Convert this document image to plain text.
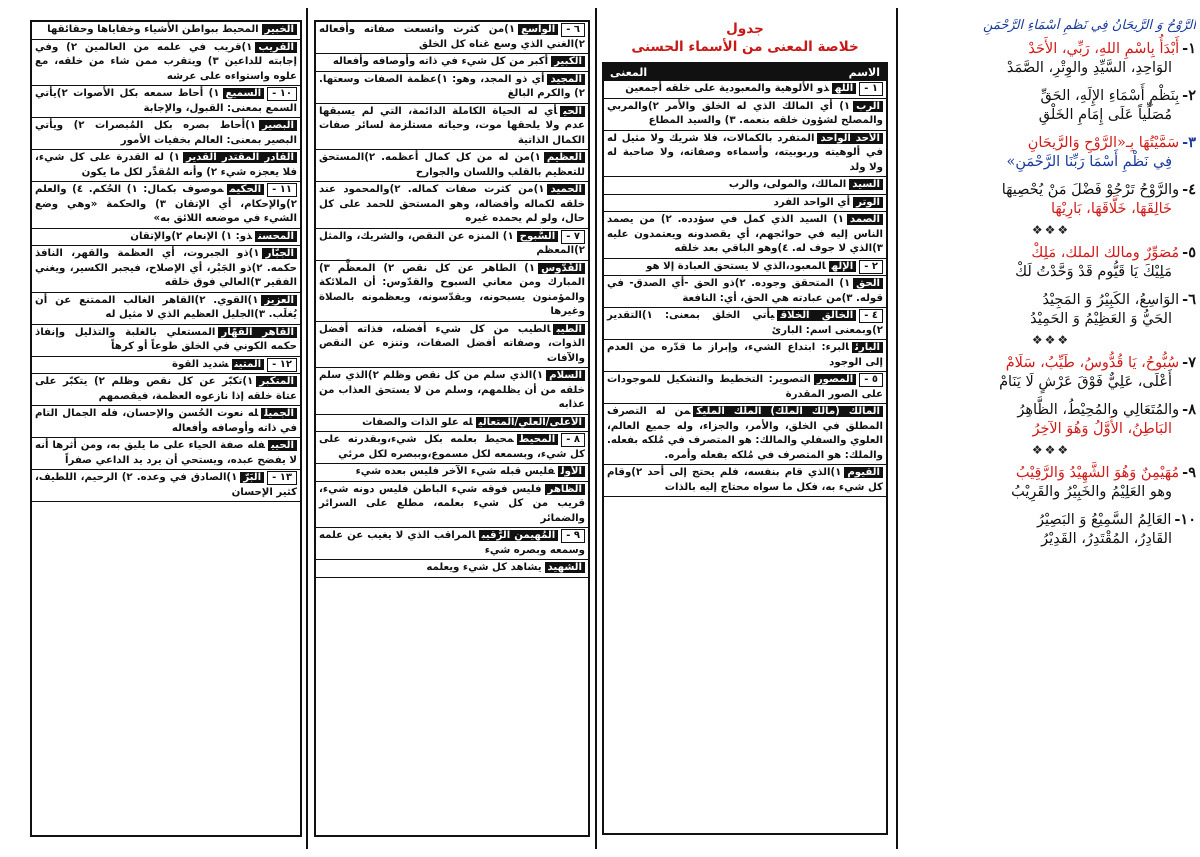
الرَّوْحُ وَ الرَّيحَانُ فِي نَظْمِ أَسْمَاءِ الرَّحْمَنِ
١-أَبْدَأُ بِاسْمِ اللهِ، رَبِّي، الأَحَدْ
الوَاحِدِ، السَّيِّدِ والوِتْرِ، الصَّمَدْ
٢-بِنَظْمِ أَسْمَاءِ الإِلَهِ، الحَقِّ
مُصَلِّياً عَلَى إِمَامِ الخَلْقِ
٣-سَمَّيْتُهَا بِـ«الرَّوْحِ وَالرَّيحَانِ
فِي نَظْمِ أَسْمَا رَبِّنَا الرَّحْمَنِ»
٤-والرَّوْحُ تَرْجُوْ فَضْلَ مَنْ يُحْصِيهَا
خَالِقَهَا، خَلَّاقَهَا، بَارِيْهَا
❖❖❖
٥-مُصَوِّرٌ ومالك الملك، مَلِكْ
مَلِيْكَ يَا قَيُّوم قَدْ وَحَّدْتُ لَكْ
٦-الوَاسِعُ، الكَبِيْرُ وَ المَجِيْدُ
الحَيُّ وَ العَظِيْمُ وَ الحَمِيْدُ
❖❖❖
٧-سُبُّوحُ، يَا قُدُّوسُ، طَيِّبُ، سَلَامْ
أَعْلَى، عَلِيٌّ فَوْقَ عَرْشٍ لَا يَنَامْ
٨-والمُتَعَالِي والمُحِيْطُ، الظَّاهِرُ
البَاطِنُ، الأَوَّلُ وَهُوَ الآخِرُ
❖❖❖
٩-مُهَيْمِنٌ وَهُوَ الشَّهِيْدُ وَالرَّقِيْبُ
وهو العَلِيْمُ والخَبِيْرُ والقَرِيْبُ
١٠-العَالِمُ السَّمِيْعُ وَ البَصِيْرُ
القَادِرُ، المُقْتَدِرُ، القَدِيْرُ
جدول
خلاصة المعنى من الأسماء الحسنى
الاسم
المعنى
١ -اللهذو الألوهية والمعبودية على خلقه أجمعين
الرب١) أي المالك الذي له الخلق والأمر ٢)والمربي والمصلح لشؤون خلقه بنعمه. ٣) والسيد المطاع
الأحد الواحدالمتفرد بالكمالات، فلا شريك ولا مثيل له في ألوهيته وربوبيته، وأسماءه وصفاته، ولا صاحبة له ولا ولد
السيدالمالك، والمولى، والرب
الوترأي الواحد الفرد
الصمد١) السيد الذي كمل في سؤدده. ٢) من يصمد الناس إليه في حوائجهم، أي يقصدونه ويعتمدون عليه ٣)الذي لا جوف له. ٤)وهو الباقي بعد خلقه
٢ -الإلهالمعبود،الذي لا يستحق العبادة إلا هو
الحق١) المتحقق وجوده. ٢)ذو الحق -أي الصدق- في قوله. ٣)من عبادته هي الحق، أي: النافعة
٤ -الخالق الخلاقيأتي الخلق بمعنى: ١)التقدير ٢)وبمعنى اسم: البارئ
البارئالبرء: ابتداع الشيء، وإبراز ما قدّره من العدم إلى الوجود
٥ -المصورالتصوير: التخطيط والتشكيل للموجودات على الصور المقدرة
المالك (مالك الملك) الملك المليكمن له التصرف المطلق في الخلق، والأمر، والجزاء، وله جميع العالم، العلوي والسفلي والمالك: هو المتصرف في مُلكه بفعله. والملك: هو المتصرف في مُلكه بفعله وأمره.
القيوم١)الذي قام بنفسه، فلم يحتج إلى أحد ٢)وقام كل شيء به، فكل ما سواه محتاج إليه بالذات
٦ -الواسع١)من كثرت واتسعت صفاته وأفعاله ٢)الغني الذي وسع غناه كل الخلق
الكبيرأكبر من كل شيء في ذاته وأوصافه وأفعاله
المجيدأي ذو المجد، وهو: ١)عظمة الصفات وسعتها. ٢) والكرم البالغ
الحيأي له الحياة الكاملة الدائمة، التي لم يسبقها عدم ولا يلحقها موت، وحياته مستلزمة لسائر صفات الكمال الذاتية
العظيم١)من له من كل كمال أعظمه. ٢)المستحق للتعظيم بالقلب واللسان والجوارح
الحميد١)من كثرت صفات كماله. ٢)والمحمود عند خلقه لكماله وأفضاله، وهو المستحق للحمد على كل حال، ولو لم يحمده غيره
٧ -السُّبوح١) المنزه عن النقص، والشريك، والمثل ٢)المعظم
القُدّوس١) الطاهر عن كل نقص ٢) المعظَّم ٣) المبارك ومن معاني السبوح والقدّوس: أن الملائكة والمؤمنون يسبحونه، ويقدّسونه، ويعظمونه بالصلاة وغيرها
الطيبالطيب من كل شيء أفضله، فذاته أفضل الذوات، وصفاته أفضل الصفات، وتنزه عن النقص والآفات
السلام١)الذي سلم من كل نقص وظلم ٢)الذي سلم خلقه من أن يظلمهم، وسلم من لا يستحق العذاب من عذابه
الأعلى/العلي/المتعاليله علو الذات والصفات
٨ -المحيطمحيط بعلمه بكل شيء،وبقدرته على كل شيء، وبسمعه لكل مسموع،وببصره لكل مرئي
الأولفليس قبله شيء الآخر فليس بعده شيء
الظاهرفليس فوقه شيء الباطن فليس دونه شيء، قريب من كل شيء بعلمه، مطلع على السرائر والضمائر
٩ -المُهيمن الرَّقيبالمراقب الذي لا يغيب عن علمه وسمعه وبصره شيء
الشهيديشاهد كل شيء ويعلمه
الخبيرالمحيط ببواطن الأشياء وخفاياها وحقائقها
القريب١)قريب في علمه من العالمين ٢) وفي إجابته للداعين ٣) ويتقرب ممن شاء من خلقه، مع علوه واستواءه على عرشه
١٠ -السميع١) أحاط سمعه بكل الأصوات ٢)يأتي السمع بمعنى: القبول، والإجابة
البصير١)أحاط بصره بكل المُبصرات ٢) ويأتي البصير بمعنى: العالم بخفيات الأمور
القادر المقتدر القدير١) له القدرة على كل شيء، فلا يعجزه شيء ٢) وأنه المُقدِّر لكل ما يكون
١١ -الحكيمموصوف بكمال: ١) الحُكم. ٤) والعلم ٢)والإحكام، أي الإتقان ٣) والحكمة «وهي وضع الشيء في موضعه اللائق به»
المحسنذو: ١) الإنعام ٢)والإتقان
الجبّار١)ذو الجبروت، أي العظمة والقهر، النافذ حكمه. ٢)ذو الجَبْر، أي الإصلاح، فيجبر الكسير، ويغني الفقير ٣)العالي فوق خلقه
العزيز١)القوي. ٢)القاهر الغالب الممتنع عن أن يُغلَب. ٣)الجليل العظيم الذي لا مثيل له
القاهر القهّارالمستعلي بالغلبة والتذليل وإنفاذ حكمه الكوني في الخلق طوعاً أو كرهاً
١٢ -المتينشديد القوة
المتكبر١)تكبّر عن كل نقص وظلم ٢) يتكبّر على عتاة خلقه إذا نازعوه العظمة، فيقصمهم
الجميلله نعوت الحُسن والإحسان، فله الجمال التام في ذاته وأوصافه وأفعاله
الحييفله صفة الحياء على ما يليق به، ومن أثرها أنه لا يفضح عبده، ويستحي أن يرد يد الداعي صفراً
١٣ -البَرّ١)الصادق في وعده. ٢) الرحيم، اللطيف، كثير الإحسان
